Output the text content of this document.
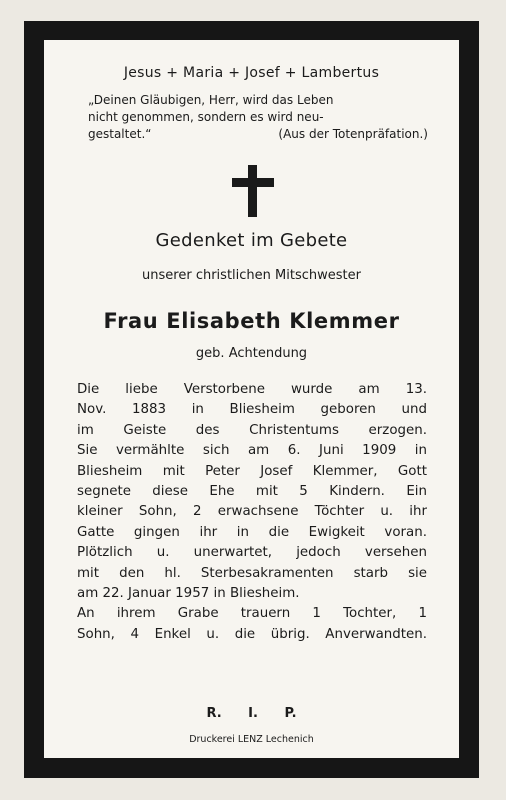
Jesus + Maria + Josef + Lambertus
„Deinen Gläubigen, Herr, wird das Leben
nicht genommen, sondern es wird neu-
gestaltet.“	(Aus der Totenpräfation.)
Gedenket im Gebete
unserer christlichen Mitschwester
Frau Elisabeth Klemmer
geb. Achtendung
Die liebe Verstorbene wurde am 13.
Nov. 1883 in Bliesheim geboren und
im Geiste des Christentums erzogen.
Sie vermählte sich am 6. Juni 1909 in
Bliesheim mit Peter Josef Klemmer, Gott
segnete diese Ehe mit 5 Kindern. Ein
kleiner Sohn, 2 erwachsene Töchter u. ihr
Gatte gingen ihr in die Ewigkeit voran.
Plötzlich u. unerwartet, jedoch versehen
mit den hl. Sterbesakramenten starb sie
am 22. Januar 1957 in Bliesheim.
An ihrem Grabe trauern 1 Tochter, 1
Sohn, 4 Enkel u. die übrig. Anverwandten.
R. I. P.
Druckerei LENZ Lechenich
